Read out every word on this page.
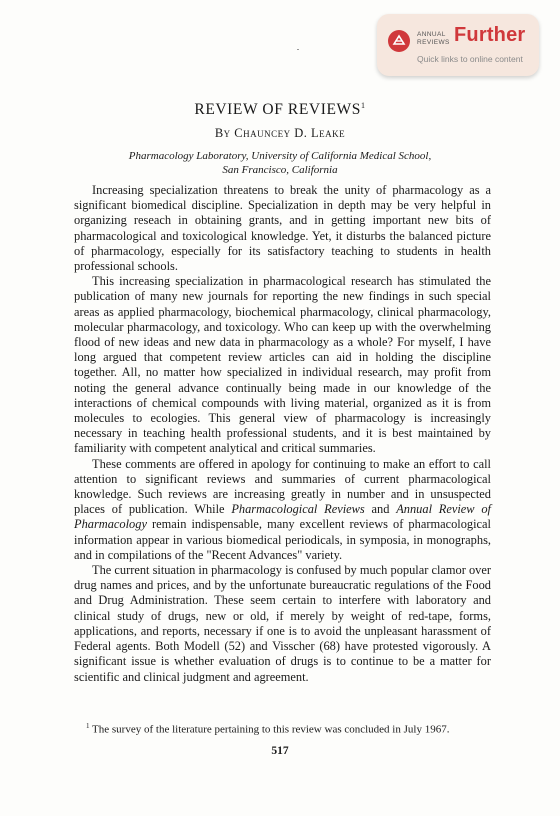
ANNUAL
REVIEWS Further
Quick links to online content
REVIEW OF REVIEWS$^1$
By Chauncey D. Leake
Pharmacology Laboratory, University of California Medical School,
San Francisco, California

Increasing specialization threatens to break the unity of pharmacology as a significant biomedical discipline. Specialization in depth may be very helpful in organizing reseach in obtaining grants, and in getting important new bits of pharmacological and toxicological knowledge. Yet, it disturbs the balanced picture of pharmacology, especially for its satisfactory teaching to students in health professional schools.

This increasing specialization in pharmacological research has stimulated the publication of many new journals for reporting the new findings in such special areas as applied pharmacology, biochemical pharmacology, clinical pharmacology, molecular pharmacology, and toxicology. Who can keep up with the overwhelming flood of new ideas and new data in pharmacology as a whole? For myself, I have long argued that competent review articles can aid in holding the discipline together. All, no matter how specialized in individual research, may profit from noting the general advance continually being made in our knowledge of the interactions of chemical compounds with living material, organized as it is from molecules to ecologies. This general view of pharmacology is increasingly necessary in teaching health professional students, and it is best maintained by familiarity with competent analytical and critical summaries.

These comments are offered in apology for continuing to make an effort to call attention to significant reviews and summaries of current pharmacological knowledge. Such reviews are increasing greatly in number and in unsuspected places of publication. While Pharmacological Reviews and Annual Review of Pharmacology remain indispensable, many excellent reviews of pharmacological information appear in various biomedical periodicals, in symposia, in monographs, and in compilations of the "Recent Advances" variety.

The current situation in pharmacology is confused by much popular clamor over drug names and prices, and by the unfortunate bureaucratic regulations of the Food and Drug Administration. These seem certain to interfere with laboratory and clinical study of drugs, new or old, if merely by weight of red-tape, forms, applications, and reports, necessary if one is to avoid the unpleasant harassment of Federal agents. Both Modell (52) and Visscher (68) have protested vigorously. A significant issue is whether evaluation of drugs is to continue to be a matter for scientific and clinical judgment and agreement.

$^1$ The survey of the literature pertaining to this review was concluded in July 1967.
517
